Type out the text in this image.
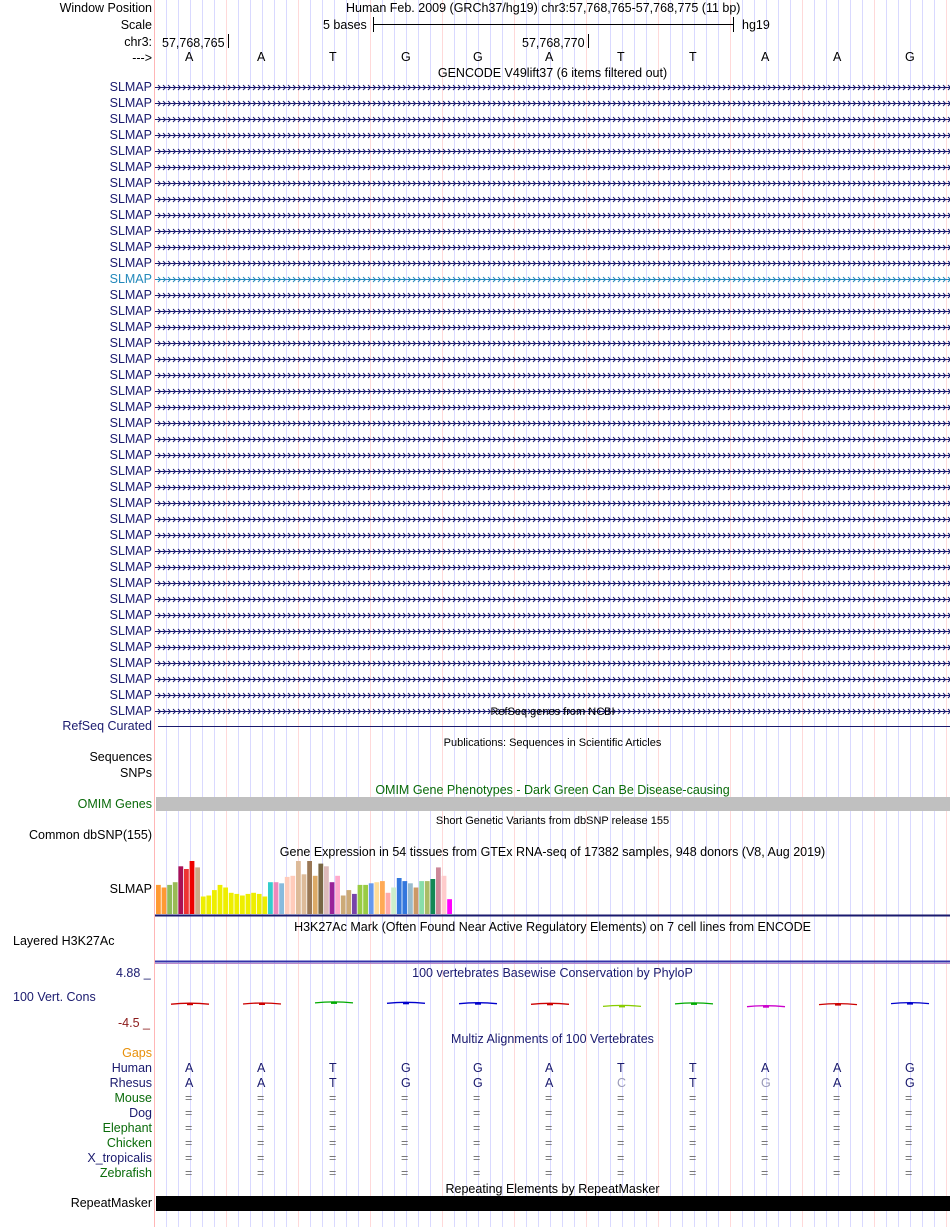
Window Position	Human Feb. 2009 (GRCh37/hg19) chr3:57,768,765-57,768,775 (11 bp)
Scale	5 bases	hg19
chr3: 57,768,765	57,768,770
--->	A	A	T	G	G	A	T	T	A	A	G
GENCODE V49lift37 (6 items filtered out)
SLMAP
SLMAP
SLMAP
SLMAP
SLMAP
SLMAP
SLMAP
SLMAP
SLMAP
SLMAP
SLMAP
SLMAP
SLMAP
SLMAP
SLMAP
SLMAP
SLMAP
SLMAP
SLMAP
SLMAP
SLMAP
SLMAP
SLMAP
SLMAP
SLMAP
SLMAP
SLMAP
SLMAP
SLMAP
SLMAP
SLMAP
SLMAP
SLMAP
SLMAP
SLMAP
SLMAP
SLMAP
SLMAP
SLMAP
SLMAP	RefSeq genes from NCBI
RefSeq Curated
Publications: Sequences in Scientific Articles
Sequences
SNPs
OMIM Gene Phenotypes - Dark Green Can Be Disease-causing
OMIM Genes
Short Genetic Variants from dbSNP release 155
Common dbSNP(155)
Gene Expression in 54 tissues from GTEx RNA-seq of 17382 samples, 948 donors (V8, Aug 2019)
SLMAP
H3K27Ac Mark (Often Found Near Active Regulatory Elements) on 7 cell lines from ENCODE
Layered H3K27Ac
4.88 _	100 vertebrates Basewise Conservation by PhyloP
100 Vert. Cons
-4.5 _
Multiz Alignments of 100 Vertebrates
Gaps
Human	A	A	T	G	G	A	T	T	A	A	G
Rhesus	A	A	T	G	G	A	C	T	G	A	G
Mouse	=	=	=	=	=	=	=	=	=	=	=
Dog	=	=	=	=	=	=	=	=	=	=	=
Elephant	=	=	=	=	=	=	=	=	=	=	=
Chicken	=	=	=	=	=	=	=	=	=	=	=
X_tropicalis	=	=	=	=	=	=	=	=	=	=	=
Zebrafish	=	=	=	=	=	=	=	=	=	=	=
Repeating Elements by RepeatMasker
RepeatMasker
